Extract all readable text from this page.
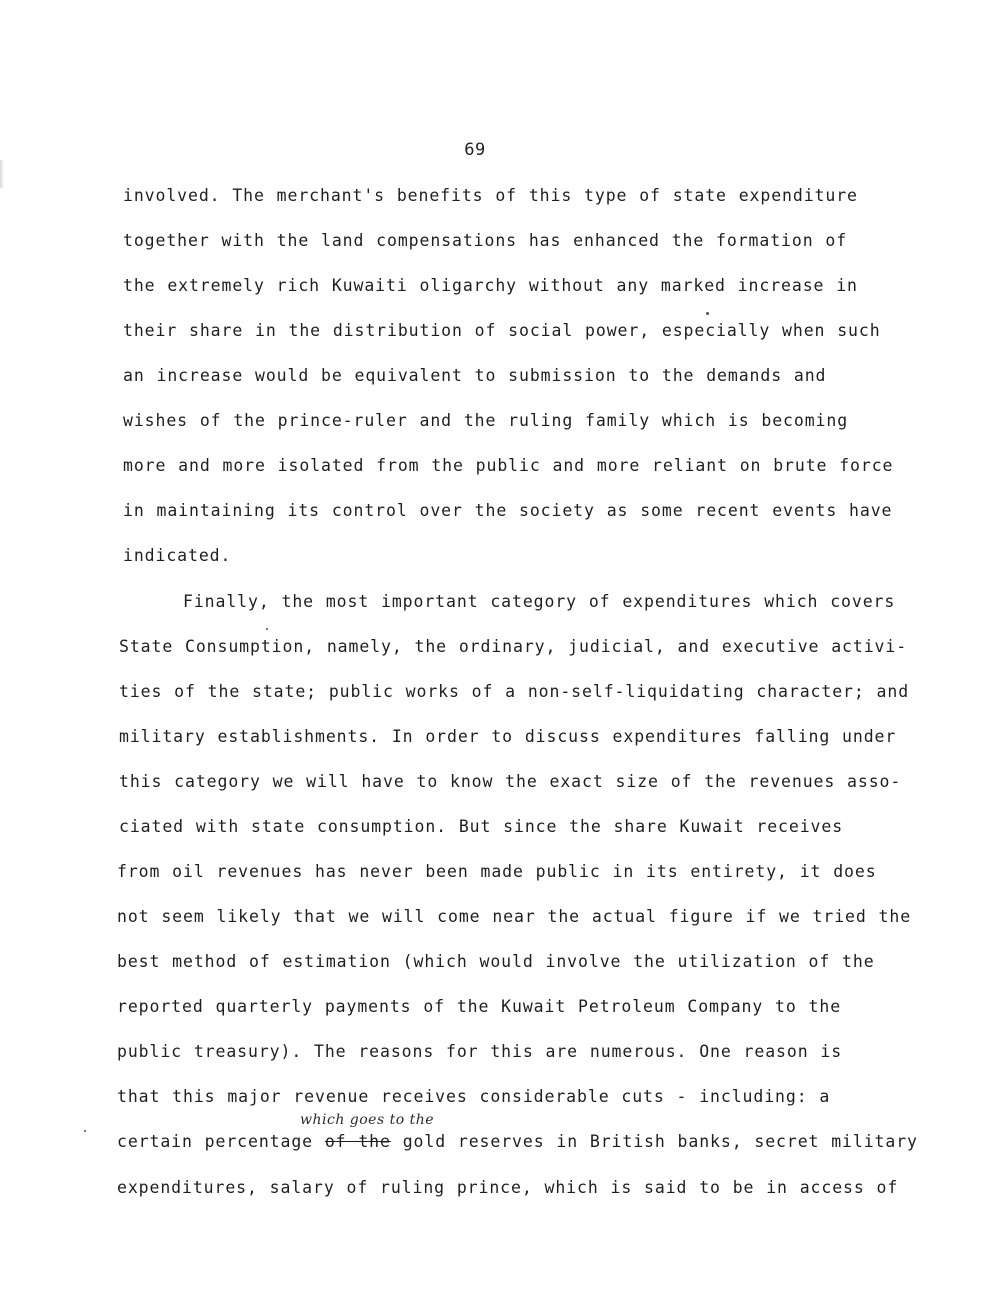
69
involved. The merchant's benefits of this type of state expenditure
together with the land compensations has enhanced the formation of
the extremely rich Kuwaiti oligarchy without any marked increase in
their share in the distribution of social power, especially when such
an increase would be equivalent to submission to the demands and
wishes of the prince-ruler and the ruling family which is becoming
more and more isolated from the public and more reliant on brute force
in maintaining its control over the society as some recent events have
indicated.
Finally, the most important category of expenditures which covers
State Consumption, namely, the ordinary, judicial, and executive activi-
ties of the state; public works of a non-self-liquidating character; and
military establishments. In order to discuss expenditures falling under
this category we will have to know the exact size of the revenues asso-
ciated with state consumption. But since the share Kuwait receives
from oil revenues has never been made public in its entirety, it does
not seem likely that we will come near the actual figure if we tried the
best method of estimation (which would involve the utilization of the
reported quarterly payments of the Kuwait Petroleum Company to the
public treasury). The reasons for this are numerous. One reason is
that this major revenue receives considerable cuts - including: a
which goes to the
certain percentage of the gold reserves in British banks, secret military
expenditures, salary of ruling prince, which is said to be in access of
